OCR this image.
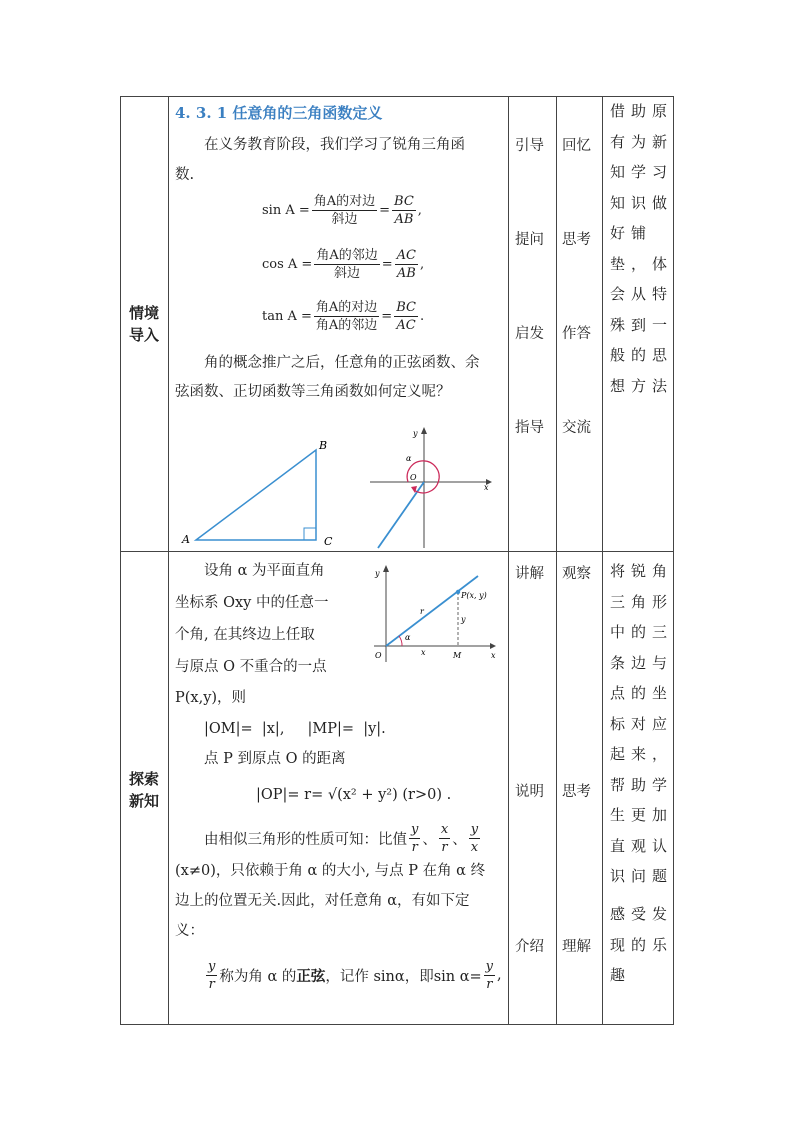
情境导入
4. 3. 1 任意角的三角函数定义
在义务教育阶段，我们学习了锐角三角函
数.
$\sin A = \frac{\text{角A的对边}}{\text{斜边}} = \frac{BC}{AB}$ ,
$\cos A = \frac{\text{角A的邻边}}{\text{斜边}} = \frac{AC}{AB}$ ,
$\tan A = \frac{\text{角A的对边}}{\text{角A的邻边}} = \frac{BC}{AC}$ .
角的概念推广之后，任意角的正弦函数、余
弦函数、正切函数等三角函数如何定义呢？
A
B
C
y
x
O
α
引导
提问
启发
指导
回忆
思考
作答
交流
借助原有为新知学习知识做好铺垫，体会从特殊到一般的思想方法
探索新知
设角 α 为平面直角
坐标系 Oxy 中的任意一
个角, 在其终边上任取
与原点 O 不重合的一点
P(x,y)，则
y
x
O	M
P(x, y)
r
α
x
y
|OM|=  |x|,     |MP|=  |y|.
点 P 到原点 O 的距离
|OP|= r= √(x² + y²) (r>0) .
由相似三角形的性质可知：比值 $\frac{y}{r}$ 、 $\frac{x}{r}$ 、 $\frac{y}{x}$
(x≠0)，只依赖于角 α 的大小, 与点 P 在角 α 终
边上的位置无关.因此，对任意角 α，有如下定
义：
$\frac{y}{r}$ 称为角 α 的 正弦 ，记作 sinα，即$\sin \alpha= \frac{y}{r}$ ,
讲解
说明
介绍
观察
思考
理解
将锐角三角形中的三条边与点的坐标对应起来，帮助学生更加直观认识问题
感受发现的乐趣
